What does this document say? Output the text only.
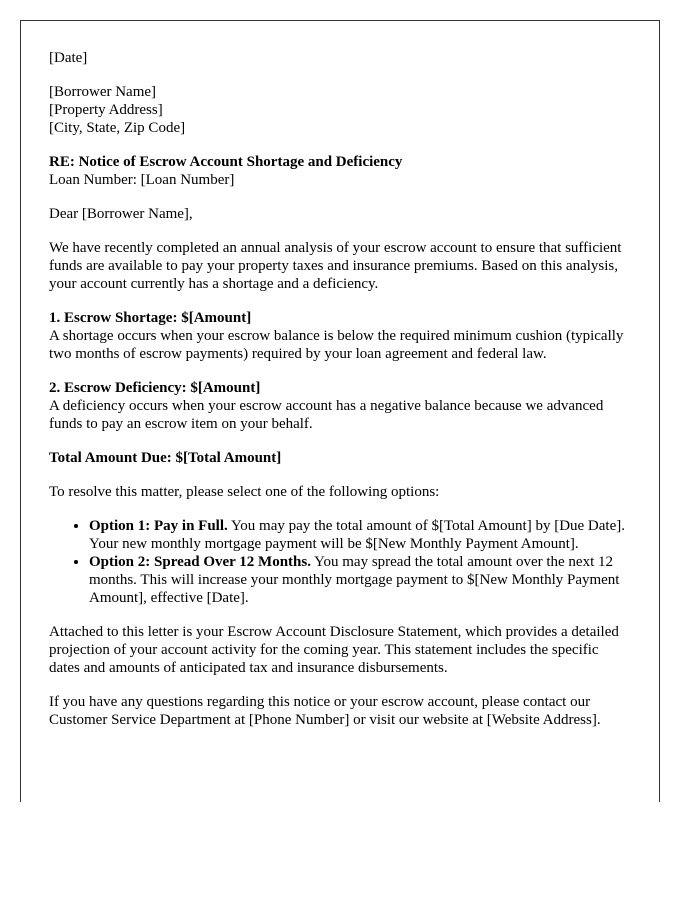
[Date]

[Borrower Name]
[Property Address]
[City, State, Zip Code]
RE: Notice of Escrow Account Shortage and Deficiency
Loan Number: [Loan Number]

Dear [Borrower Name],

We have recently completed an annual analysis of your escrow account to ensure that sufficient funds are available to pay your property taxes and insurance premiums. Based on this analysis, your account currently has a shortage and a deficiency.

1. Escrow Shortage: $[Amount]
A shortage occurs when your escrow balance is below the required minimum cushion (typically two months of escrow payments) required by your loan agreement and federal law.
2. Escrow Deficiency: $[Amount]
A deficiency occurs when your escrow account has a negative balance because we advanced funds to pay an escrow item on your behalf.

Total Amount Due: $[Total Amount]

To resolve this matter, please select one of the following options:

• Option 1: Pay in Full. You may pay the total amount of $[Total Amount] by [Due Date]. Your new monthly mortgage payment will be $[New Monthly Payment Amount].
• Option 2: Spread Over 12 Months. You may spread the total amount over the next 12 months. This will increase your monthly mortgage payment to $[New Monthly Payment Amount], effective [Date].

Attached to this letter is your Escrow Account Disclosure Statement, which provides a detailed projection of your account activity for the coming year. This statement includes the specific dates and amounts of anticipated tax and insurance disbursements.

If you have any questions regarding this notice or your escrow account, please contact our Customer Service Department at [Phone Number] or visit our website at [Website Address].
